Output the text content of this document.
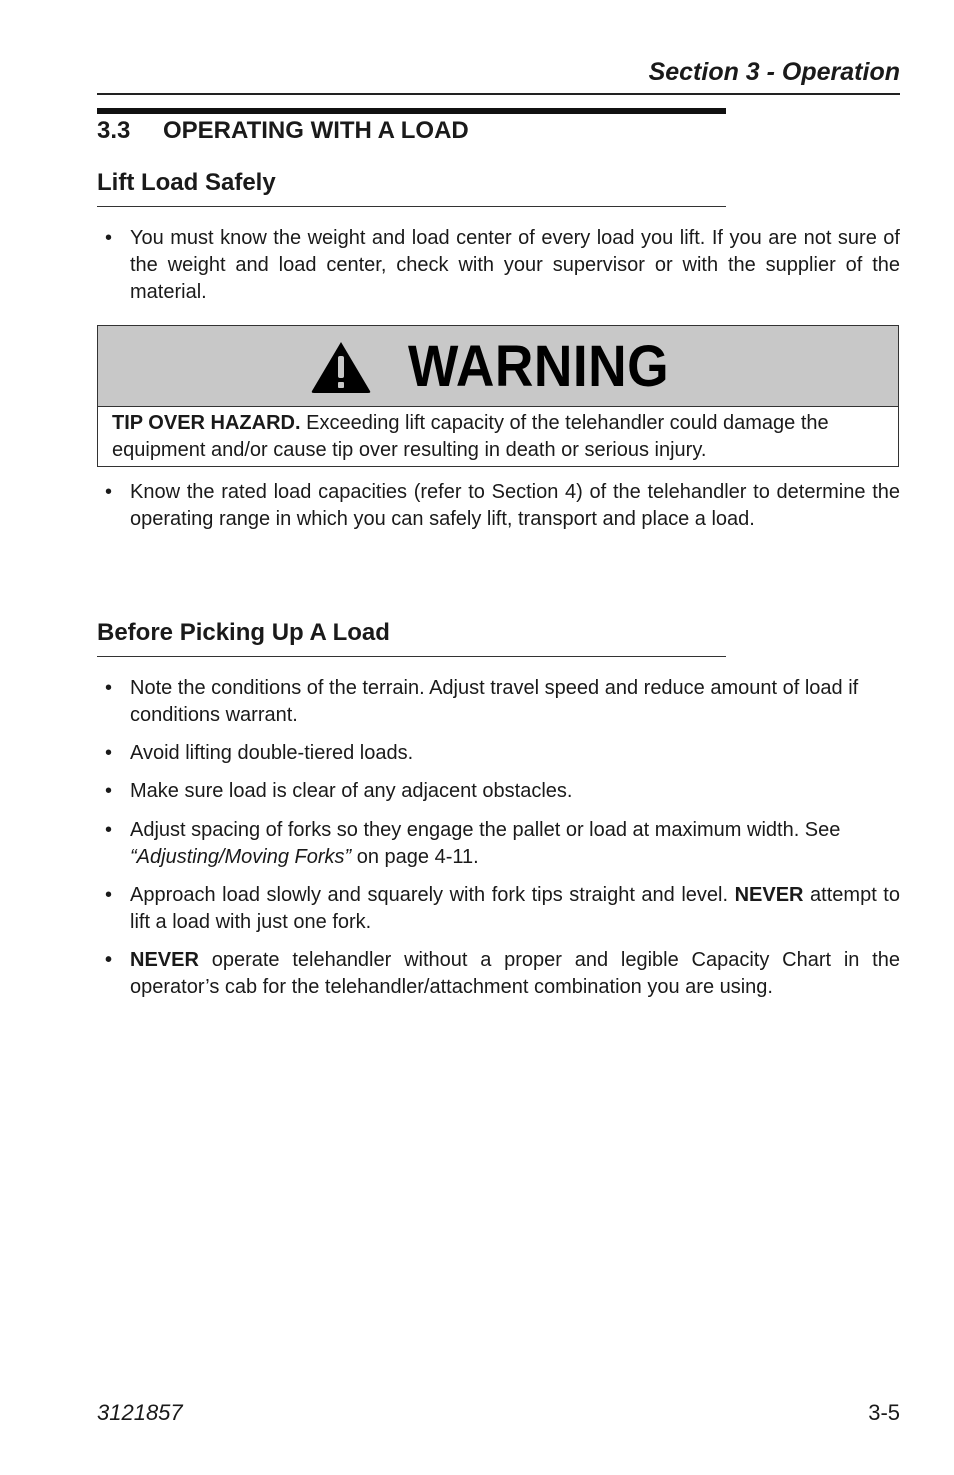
Section 3 - Operation
3.3 OPERATING WITH A LOAD
Lift Load Safely
• You must know the weight and load center of every load you lift. If you are not sure of the weight and load center, check with your supervisor or with the supplier of the material.
WARNING
TIP OVER HAZARD. Exceeding lift capacity of the telehandler could damage the equipment and/or cause tip over resulting in death or serious injury.
• Know the rated load capacities (refer to Section 4) of the telehandler to determine the operating range in which you can safely lift, transport and place a load.
Before Picking Up A Load
• Note the conditions of the terrain. Adjust travel speed and reduce amount of load if conditions warrant.
• Avoid lifting double-tiered loads.
• Make sure load is clear of any adjacent obstacles.
• Adjust spacing of forks so they engage the pallet or load at maximum width. See “Adjusting/Moving Forks” on page 4-11.
• Approach load slowly and squarely with fork tips straight and level. NEVER attempt to lift a load with just one fork.
• NEVER operate telehandler without a proper and legible Capacity Chart in the operator’s cab for the telehandler/attachment combination you are using.
3121857	3-5
